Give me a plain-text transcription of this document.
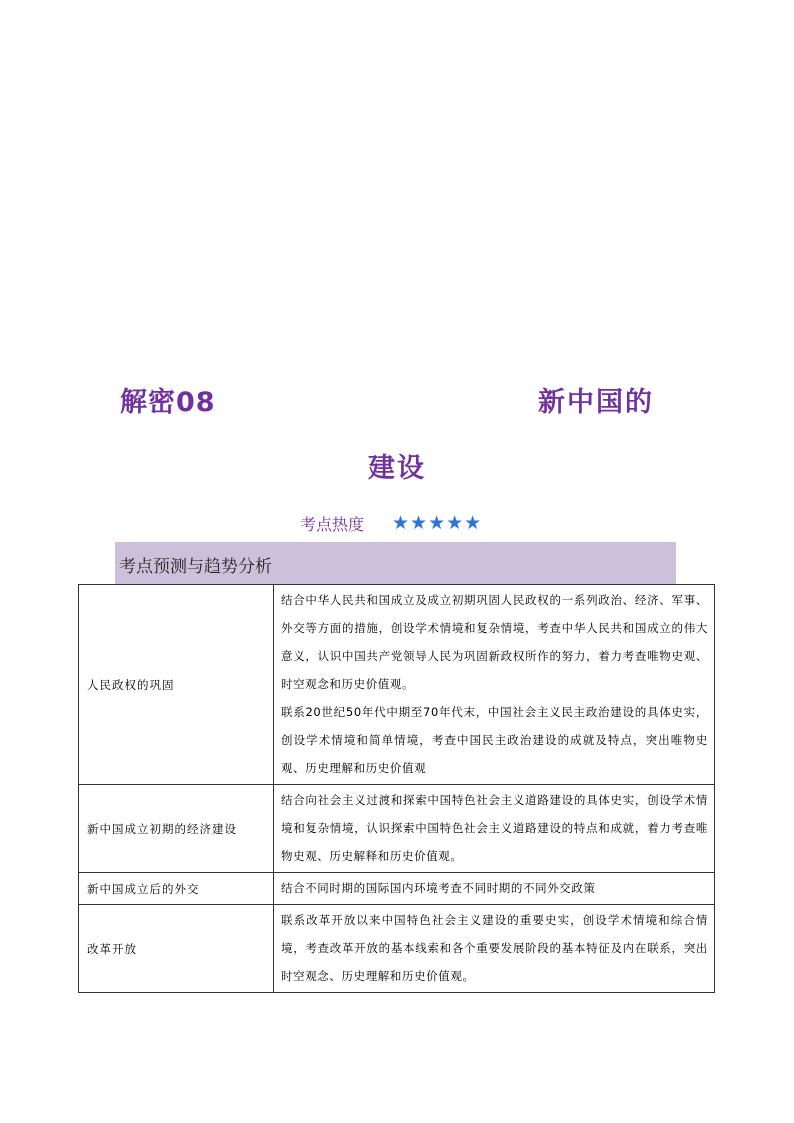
解密08	新中国的
建设
考点热度 ★★★★★
考点预测与趋势分析
人民政权的巩固	结合中华人民共和国成立及成立初期巩固人民政权的一系列政治、经济、军事、外交等方面的措施，创设学术情境和复杂情境，考查中华人民共和国成立的伟大意义，认识中国共产党领导人民为巩固新政权所作的努力，着力考查唯物史观、时空观念和历史价值观。
联系20世纪50年代中期至70年代末，中国社会主义民主政治建设的具体史实，创设学术情境和简单情境，考查中国民主政治建设的成就及特点，突出唯物史观、历史理解和历史价值观

新中国成立初期的经济建设	结合向社会主义过渡和探索中国特色社会主义道路建设的具体史实，创设学术情境和复杂情境，认识探索中国特色社会主义道路建设的特点和成就，着力考查唯物史观、历史解释和历史价值观。

新中国成立后的外交	结合不同时期的国际国内环境考查不同时期的不同外交政策

改革开放	联系改革开放以来中国特色社会主义建设的重要史实，创设学术情境和综合情境，考查改革开放的基本线索和各个重要发展阶段的基本特征及内在联系，突出时空观念、历史理解和历史价值观。
